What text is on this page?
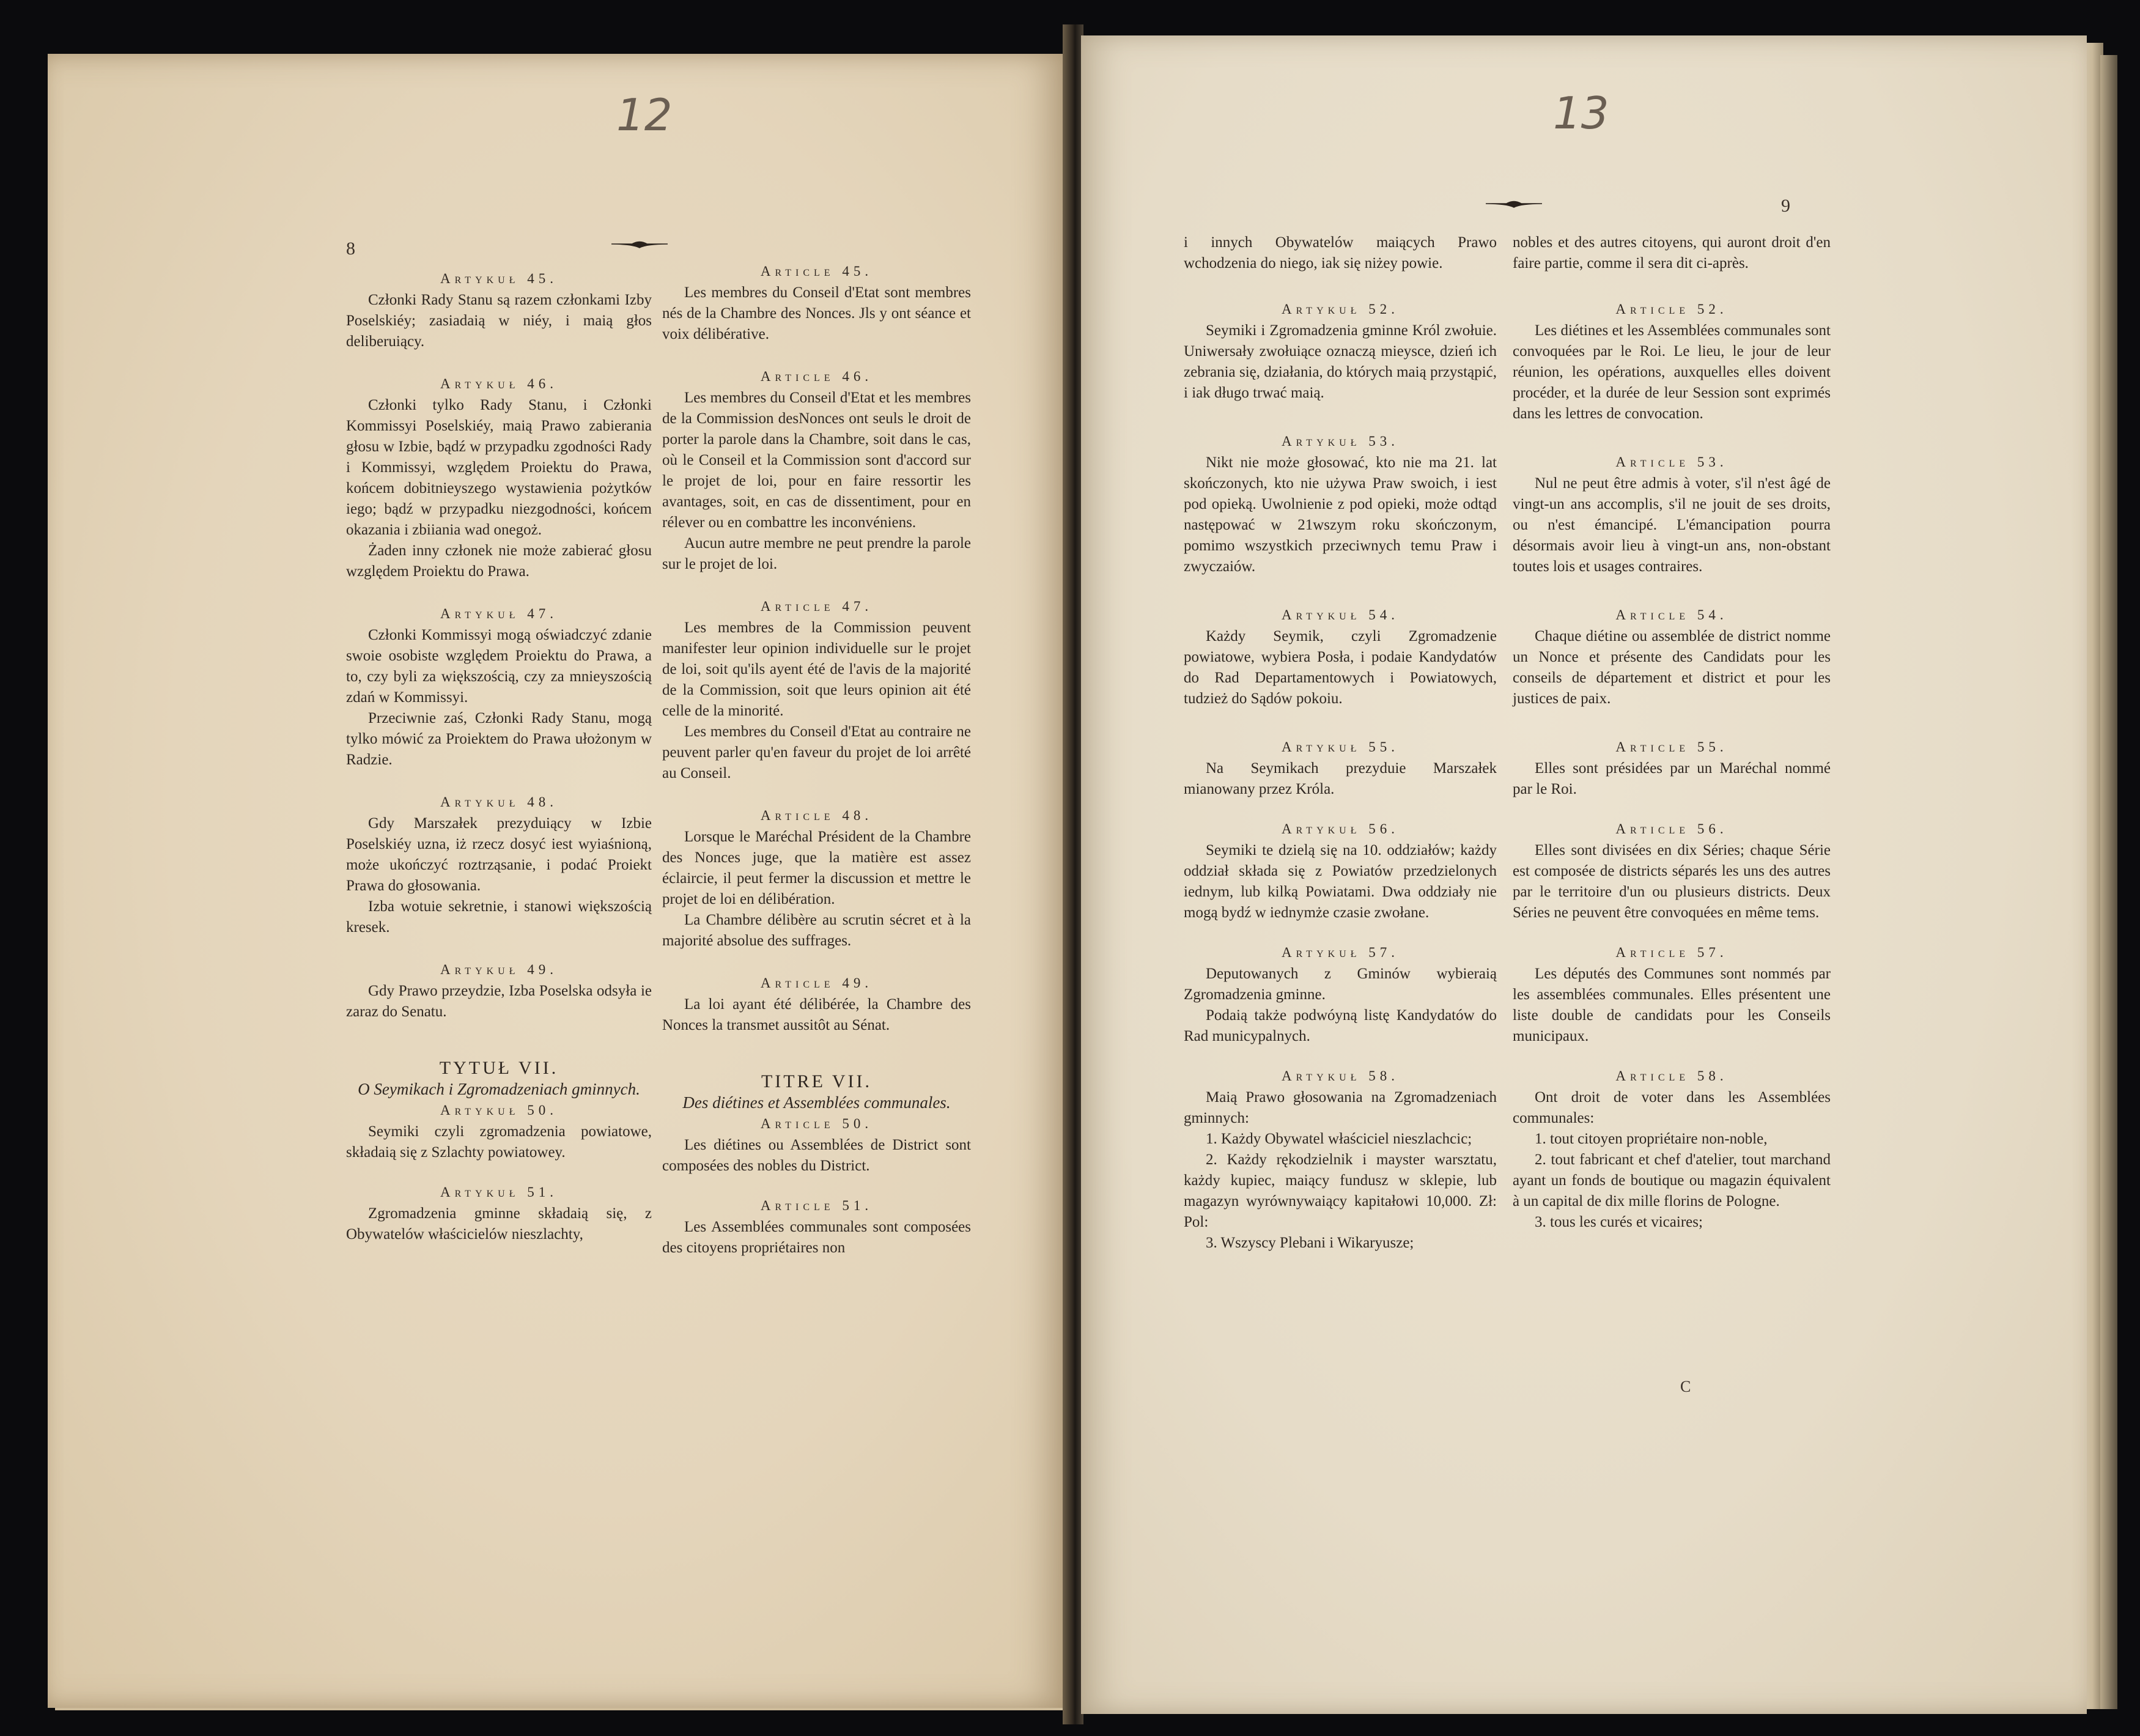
12
8

Artykuł 45.

Członki Rady Stanu są razem członkami Izby Poselskiéy; zasiadaią w niéy, i maią głos deliberuiący.

Artykuł 46.

Członki tylko Rady Stanu, i Członki Kommissyi Poselskiéy, maią Prawo zabierania głosu w Izbie, bądź w przypadku zgodności Rady i Kommissyi, względem Proiektu do Prawa, końcem dobitnieyszego wystawienia pożytków iego; bądź w przypadku niezgodności, końcem okazania i zbiiania wad onegoż.

Żaden inny członek nie może zabierać głosu względem Proiektu do Prawa.

Artykuł 47.

Członki Kommissyi mogą oświadczyć zdanie swoie osobiste względem Proiektu do Prawa, a to, czy byli za większością, czy za mnieyszością zdań w Kommissyi.

Przeciwnie zaś, Członki Rady Stanu, mogą tylko mówić za Proiektem do Prawa ułożonym w Radzie.

Artykuł 48.

Gdy Marszałek prezyduiący w Izbie Poselskiéy uzna, iż rzecz dosyć iest wyiaśnioną, może ukończyć roztrząsanie, i podać Proiekt Prawa do głosowania.

Izba wotuie sekretnie, i stanowi większością kresek.

Artykuł 49.

Gdy Prawo przeydzie, Izba Poselska odsyła ie zaraz do Senatu.

TYTUŁ VII.

O Seymikach i Zgromadzeniach gminnych.

Artykuł 50.

Seymiki czyli zgromadzenia powiatowe, składaią się z Szlachty powiatowey.

Artykuł 51.

Zgromadzenia gminne składaią się, z Obywatelów właścicielów nieszlachty,

Article 45.

Les membres du Conseil d'Etat sont membres nés de la Chambre des Nonces. Jls y ont séance et voix délibérative.

Article 46.

Les membres du Conseil d'Etat et les membres de la Commission desNonces ont seuls le droit de porter la parole dans la Chambre, soit dans le cas, où le Conseil et la Commission sont d'accord sur le projet de loi, pour en faire ressortir les avantages, soit, en cas de dissentiment, pour en rélever ou en combattre les inconvéniens.

Aucun autre membre ne peut prendre la parole sur le projet de loi.

Article 47.

Les membres de la Commission peuvent manifester leur opinion individuelle sur le projet de loi, soit qu'ils ayent été de l'avis de la majorité de la Commission, soit que leurs opinion ait été celle de la minorité.

Les membres du Conseil d'Etat au contraire ne peuvent parler qu'en faveur du projet de loi arrêté au Conseil.

Article 48.

Lorsque le Maréchal Président de la Chambre des Nonces juge, que la matière est assez éclaircie, il peut fermer la discussion et mettre le projet de loi en délibération.

La Chambre délibère au scrutin sécret et à la majorité absolue des suffrages.

Article 49.

La loi ayant été délibérée, la Chambre des Nonces la transmet aussitôt au Sénat.

TITRE VII.

Des diétines et Assemblées communales.

Article 50.

Les diétines ou Assemblées de District sont composées des nobles du District.

Article 51.

Les Assemblées communales sont composées des citoyens propriétaires non

13
9

i innych Obywatelów maiących Prawo wchodzenia do niego, iak się niżey powie.

Artykuł 52.

Seymiki i Zgromadzenia gminne Król zwołuie. Uniwersały zwołuiące oznaczą mieysce, dzień ich zebrania się, działania, do których maią przystąpić, i iak długo trwać maią.

Artykuł 53.

Nikt nie może głosować, kto nie ma 21. lat skończonych, kto nie używa Praw swoich, i iest pod opieką. Uwolnienie z pod opieki, może odtąd następować w 21wszym roku skończonym, pomimo wszystkich przeciwnych temu Praw i zwyczaiów.

Artykuł 54.

Każdy Seymik, czyli Zgromadzenie powiatowe, wybiera Posła, i podaie Kandydatów do Rad Departamentowych i Powiatowych, tudzież do Sądów pokoiu.

Artykuł 55.

Na Seymikach prezyduie Marszałek mianowany przez Króla.

Artykuł 56.

Seymiki te dzielą się na 10. oddziałów; każdy oddział składa się z Powiatów przedzielonych iednym, lub kilką Powiatami. Dwa oddziały nie mogą bydź w iednymże czasie zwołane.

Artykuł 57.

Deputowanych z Gminów wybieraią Zgromadzenia gminne.

Podaią także podwóyną listę Kandydatów do Rad municypalnych.

Artykuł 58.

Maią Prawo głosowania na Zgromadzeniach gminnych:

1. Każdy Obywatel właściciel nieszlachcic;

2. Każdy rękodzielnik i mayster warsztatu, każdy kupiec, maiący fundusz w sklepie, lub magazyn wyrównywaiący kapitałowi 10,000. Zł: Pol:

3. Wszyscy Plebani i Wikaryusze;

nobles et des autres citoyens, qui auront droit d'en faire partie, comme il sera dit ci-après.

Article 52.

Les diétines et les Assemblées communales sont convoquées par le Roi. Le lieu, le jour de leur réunion, les opérations, auxquelles elles doivent procéder, et la durée de leur Session sont exprimés dans les lettres de convocation.

Article 53.

Nul ne peut être admis à voter, s'il n'est âgé de vingt-un ans accomplis, s'il ne jouit de ses droits, ou n'est émancipé. L'émancipation pourra désormais avoir lieu à vingt-un ans, non-obstant toutes lois et usages contraires.

Article 54.

Chaque diétine ou assemblée de district nomme un Nonce et présente des Candidats pour les conseils de département et district et pour les justices de paix.

Article 55.

Elles sont présidées par un Maréchal nommé par le Roi.

Article 56.

Elles sont divisées en dix Séries; chaque Série est composée de districts séparés les uns des autres par le territoire d'un ou plusieurs districts. Deux Séries ne peuvent être convoquées en même tems.

Article 57.

Les députés des Communes sont nommés par les assemblées communales. Elles présentent une liste double de candidats pour les Conseils municipaux.

Article 58.

Ont droit de voter dans les Assemblées communales:

1. tout citoyen propriétaire non-noble,

2. tout fabricant et chef d'atelier, tout marchand ayant un fonds de boutique ou magazin équivalent à un capital de dix mille florins de Pologne.

3. tous les curés et vicaires;

C
